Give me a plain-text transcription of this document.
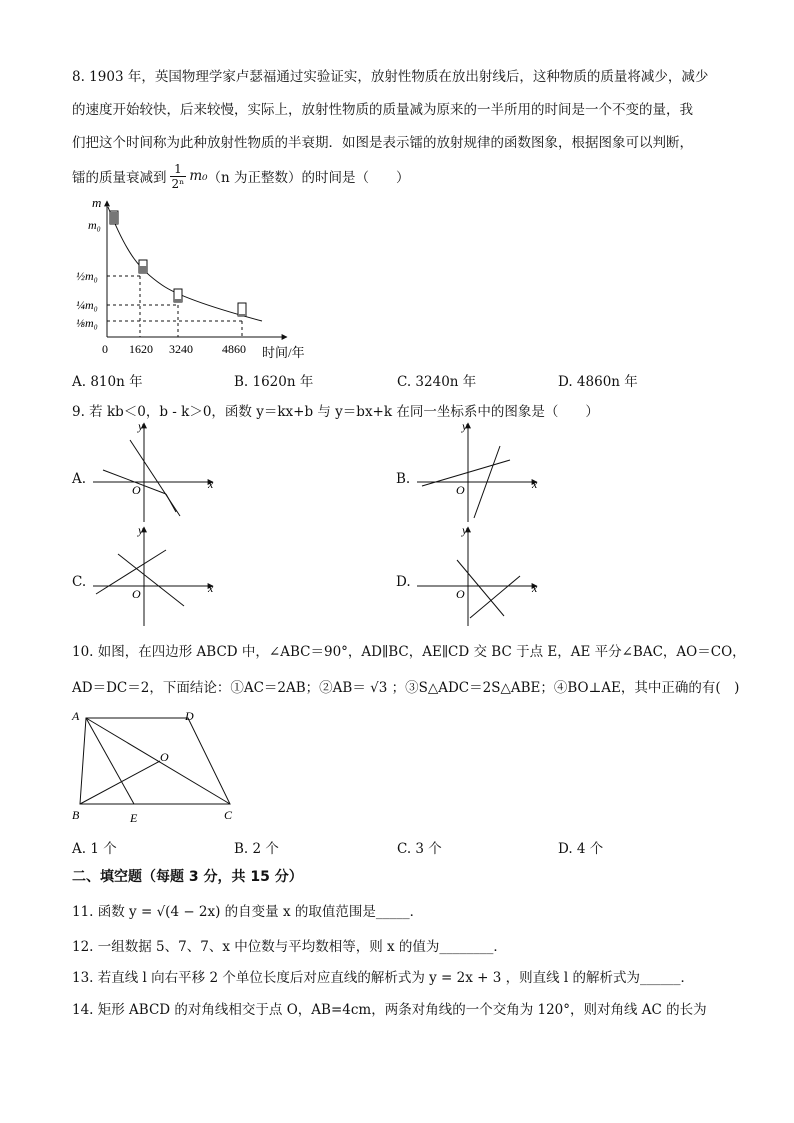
8. 1903 年，英国物理学家卢瑟福通过实验证实，放射性物质在放出射线后，这种物质的质量将减少，减少
的速度开始较快，后来较慢，实际上，放射性物质的质量减为原来的一半所用的时间是一个不变的量，我
们把这个时间称为此种放射性物质的半衰期．如图是表示镭的放射规律的函数图象，根据图象可以判断，
镭的质量衰减到 $\frac{1}{\text{2ⁿ}} m_0$ （n 为正整数）的时间是（　　）
m
m₀
½m₀
¼m₀
⅛m₀
0 1620 3240 4860 时间/年
A. 810n 年	B. 1620n 年	C. 3240n 年	D. 4860n 年
9. 若 kb＜0，b - k＞0，函数 y＝kx+b 与 y＝bx+k 在同一坐标系中的图象是（　　）
A.
y
x
O
B.
y
x
O
C.
y
x
O
D.
y
x
O
10. 如图，在四边形 ABCD 中，∠ABC＝90°，AD∥BC，AE∥CD 交 BC 于点 E，AE 平分∠BAC，AO＝CO，
AD＝DC＝2，下面结论：①AC＝2AB；②AB＝ √3 ；③S△ADC＝2S△ABE；④BO⊥AE，其中正确的有(　)
A	D
O
B	E	C
A. 1 个	B. 2 个	C. 3 个	D. 4 个
二、填空题（每题 3 分，共 15 分）
11. 函数 y = √(4 − 2x) 的自变量 x 的取值范围是_____．
12. 一组数据 5、7、7、x 中位数与平均数相等，则 x 的值为________．
13. 若直线 l 向右平移 2 个单位长度后对应直线的解析式为 y = 2x + 3 ，则直线 l 的解析式为______．
14. 矩形 ABCD 的对角线相交于点 O，AB=4cm，两条对角线的一个交角为 120°，则对角线 AC 的长为
